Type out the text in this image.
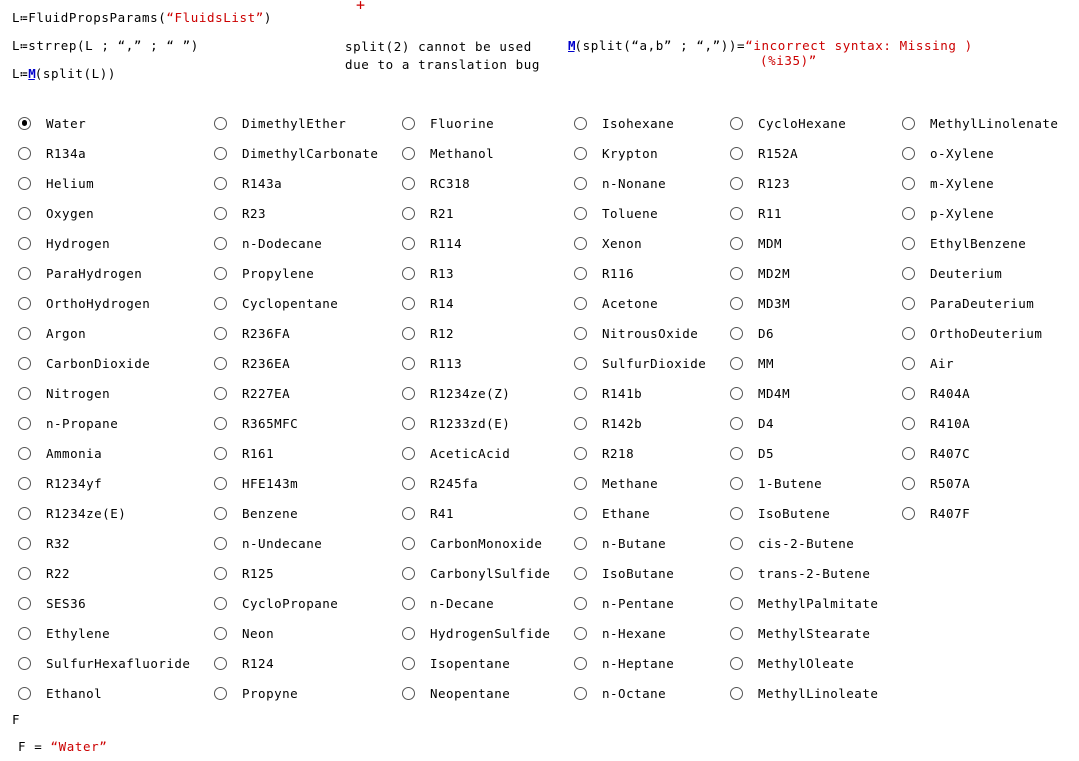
+
L≔FluidPropsParams(“FluidsList”)
L≔strrep(L ; “,” ; “ ”)
L≔M(split(L))
split(2) cannot be used
due to a translation bug
M(split(“a,b” ; “,”))=“incorrect syntax: Missing )
(%i35)”
Water
R134a
Helium
Oxygen
Hydrogen
ParaHydrogen
OrthoHydrogen
Argon
CarbonDioxide
Nitrogen
n-Propane
Ammonia
R1234yf
R1234ze(E)
R32
R22
SES36
Ethylene
SulfurHexafluoride
Ethanol
DimethylEther
DimethylCarbonate
R143a
R23
n-Dodecane
Propylene
Cyclopentane
R236FA
R236EA
R227EA
R365MFC
R161
HFE143m
Benzene
n-Undecane
R125
CycloPropane
Neon
R124
Propyne
Fluorine
Methanol
RC318
R21
R114
R13
R14
R12
R113
R1234ze(Z)
R1233zd(E)
AceticAcid
R245fa
R41
CarbonMonoxide
CarbonylSulfide
n-Decane
HydrogenSulfide
Isopentane
Neopentane
Isohexane
Krypton
n-Nonane
Toluene
Xenon
R116
Acetone
NitrousOxide
SulfurDioxide
R141b
R142b
R218
Methane
Ethane
n-Butane
IsoButane
n-Pentane
n-Hexane
n-Heptane
n-Octane
CycloHexane
R152A
R123
R11
MDM
MD2M
MD3M
D6
MM
MD4M
D4
D5
1-Butene
IsoButene
cis-2-Butene
trans-2-Butene
MethylPalmitate
MethylStearate
MethylOleate
MethylLinoleate
MethylLinolenate
o-Xylene
m-Xylene
p-Xylene
EthylBenzene
Deuterium
ParaDeuterium
OrthoDeuterium
Air
R404A
R410A
R407C
R507A
R407F
F
F = “Water”
